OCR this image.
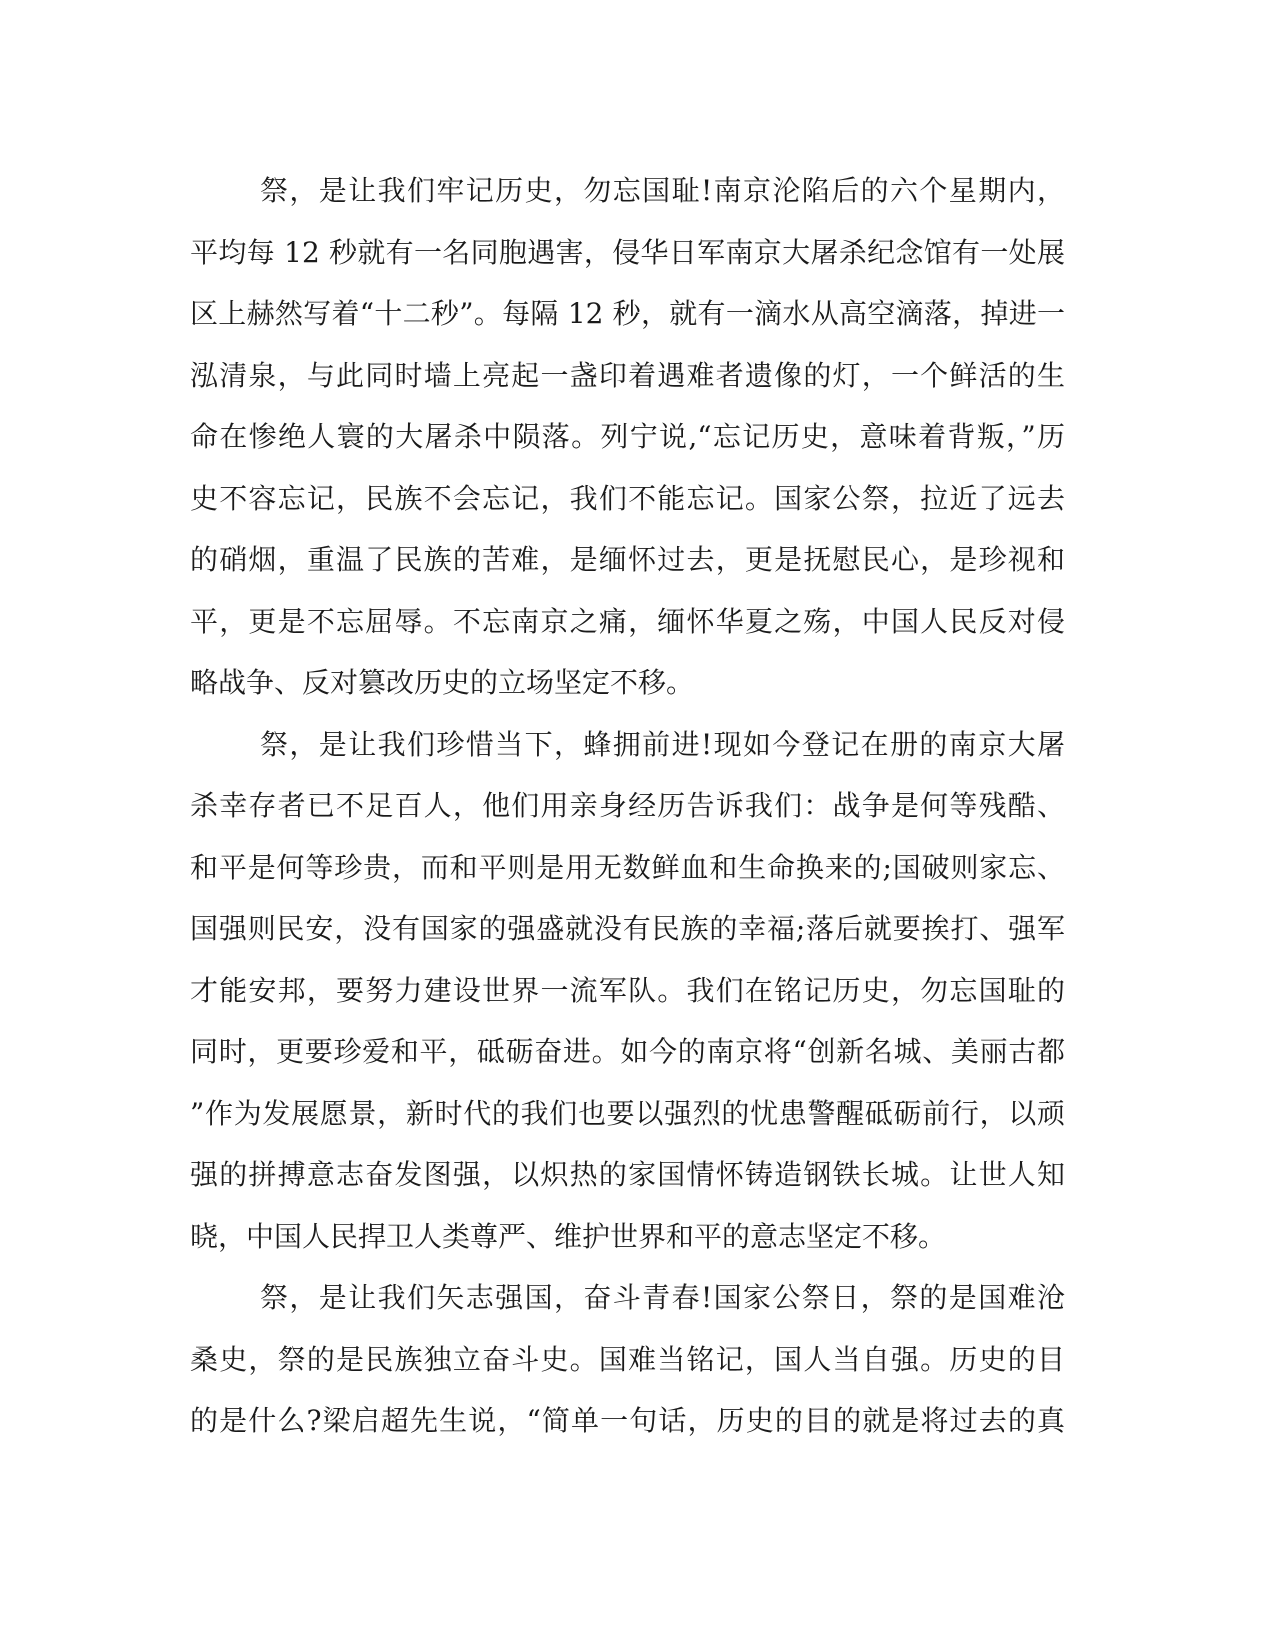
祭，是让我们牢记历史，勿忘国耻!南京沦陷后的六个星期内，
平均每 12 秒就有一名同胞遇害，侵华日军南京大屠杀纪念馆有一处展
区上赫然写着“十二秒”。每隔 12 秒，就有一滴水从高空滴落，掉进一
泓清泉，与此同时墙上亮起一盏印着遇难者遗像的灯，一个鲜活的生
命在惨绝人寰的大屠杀中陨落。列宁说,“忘记历史，意味着背叛，”历
史不容忘记，民族不会忘记，我们不能忘记。国家公祭，拉近了远去
的硝烟，重温了民族的苦难，是缅怀过去，更是抚慰民心，是珍视和
平，更是不忘屈辱。不忘南京之痛，缅怀华夏之殇，中国人民反对侵
略战争、反对篡改历史的立场坚定不移。
祭，是让我们珍惜当下，蜂拥前进!现如今登记在册的南京大屠
杀幸存者已不足百人，他们用亲身经历告诉我们：战争是何等残酷、
和平是何等珍贵，而和平则是用无数鲜血和生命换来的;国破则家忘、
国强则民安，没有国家的强盛就没有民族的幸福;落后就要挨打、强军
才能安邦，要努力建设世界一流军队。我们在铭记历史，勿忘国耻的
同时，更要珍爱和平，砥砺奋进。如今的南京将“创新名城、美丽古都
”作为发展愿景，新时代的我们也要以强烈的忧患警醒砥砺前行，以顽
强的拼搏意志奋发图强，以炽热的家国情怀铸造钢铁长城。让世人知
晓，中国人民捍卫人类尊严、维护世界和平的意志坚定不移。
祭，是让我们矢志强国，奋斗青春!国家公祭日，祭的是国难沧
桑史，祭的是民族独立奋斗史。国难当铭记，国人当自强。历史的目
的是什么?梁启超先生说，“简单一句话，历史的目的就是将过去的真
